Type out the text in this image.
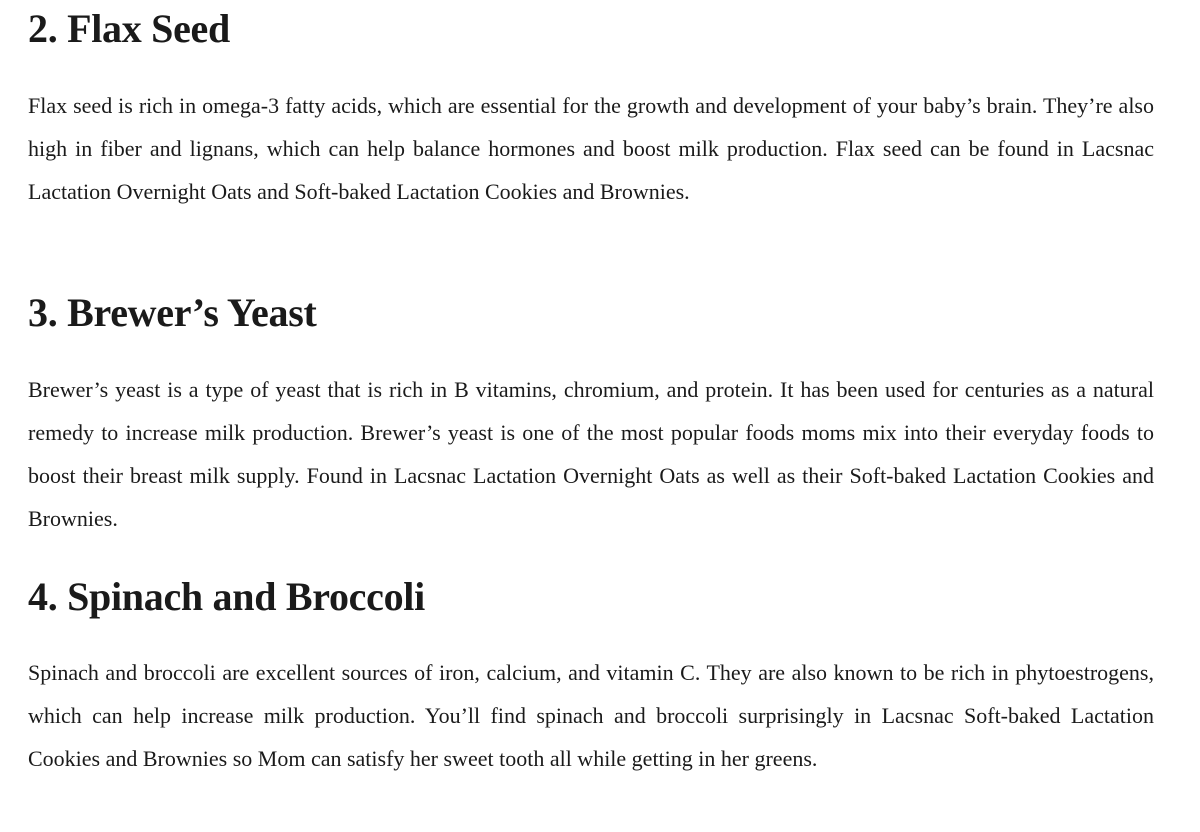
2. Flax Seed

Flax seed is rich in omega-3 fatty acids, which are essential for the growth and development of your baby’s brain. They’re also high in fiber and lignans, which can help balance hormones and boost milk production. Flax seed can be found in Lacsnac Lactation Overnight Oats and Soft-baked Lactation Cookies and Brownies.

3. Brewer’s Yeast

Brewer’s yeast is a type of yeast that is rich in B vitamins, chromium, and protein. It has been used for centuries as a natural remedy to increase milk production. Brewer’s yeast is one of the most popular foods moms mix into their everyday foods to boost their breast milk supply. Found in Lacsnac Lactation Overnight Oats as well as their Soft-baked Lactation Cookies and Brownies.

4. Spinach and Broccoli

Spinach and broccoli are excellent sources of iron, calcium, and vitamin C. They are also known to be rich in phytoestrogens, which can help increase milk production. You’ll find spinach and broccoli surprisingly in Lacsnac Soft-baked Lactation Cookies and Brownies so Mom can satisfy her sweet tooth all while getting in her greens.
